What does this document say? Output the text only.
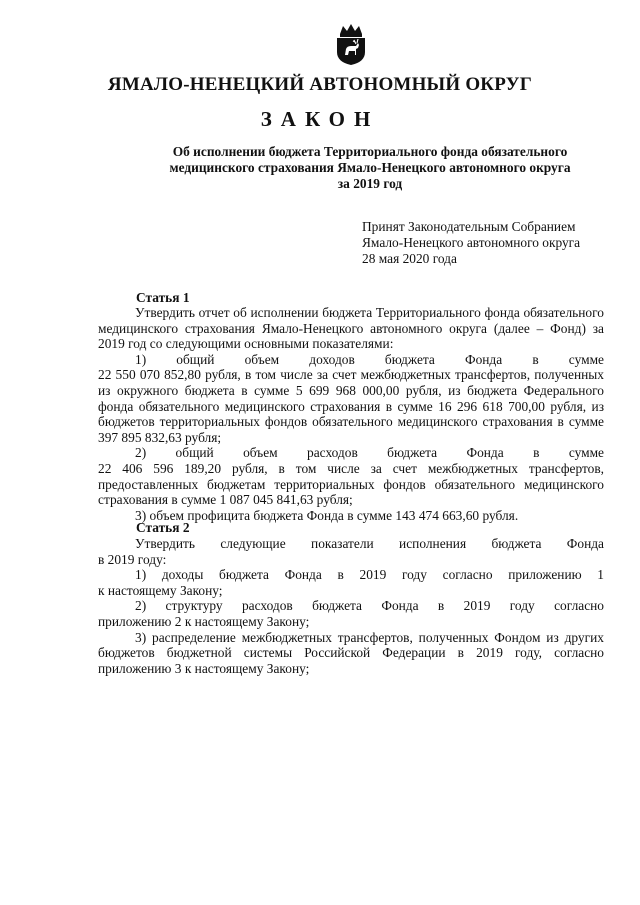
ЯМАЛО-НЕНЕЦКИЙ АВТОНОМНЫЙ ОКРУГ
ЗАКОН
Об исполнении бюджета Территориального фонда обязательного
медицинского страхования Ямало-Ненецкого автономного округа
за 2019 год
Принят Законодательным Собранием
Ямало-Ненецкого автономного округа
28 мая 2020 года
Статья 1

Утвердить отчет об исполнении бюджета Территориального фонда обязательного медицинского страхования Ямало-Ненецкого автономного округа (далее – Фонд) за 2019 год со следующими основными показателями:

1) общий объем доходов бюджета Фонда в сумме

22 550 070 852,80 рубля, в том числе за счет межбюджетных трансфертов, полученных из окружного бюджета в сумме 5 699 968 000,00 рубля, из бюджета Федерального фонда обязательного медицинского страхования в сумме 16 296 618 700,00 рубля, из бюджетов территориальных фондов обязательного медицинского страхования в сумме 397 895 832,63 рубля;

2) общий объем расходов бюджета Фонда в сумме

22 406 596 189,20 рубля, в том числе за счет межбюджетных трансфертов, предоставленных бюджетам территориальных фондов обязательного медицинского страхования в сумме 1 087 045 841,63 рубля;

3) объем профицита бюджета Фонда в сумме 143 474 663,60 рубля.

Статья 2

Утвердить следующие показатели исполнения бюджета Фонда

в 2019 году:

1) доходы бюджета Фонда в 2019 году согласно приложению 1

к настоящему Закону;

2) структуру расходов бюджета Фонда в 2019 году согласно

приложению 2 к настоящему Закону;

3) распределение межбюджетных трансфертов, полученных Фондом из других бюджетов бюджетной системы Российской Федерации в 2019 году, согласно приложению 3 к настоящему Закону;
